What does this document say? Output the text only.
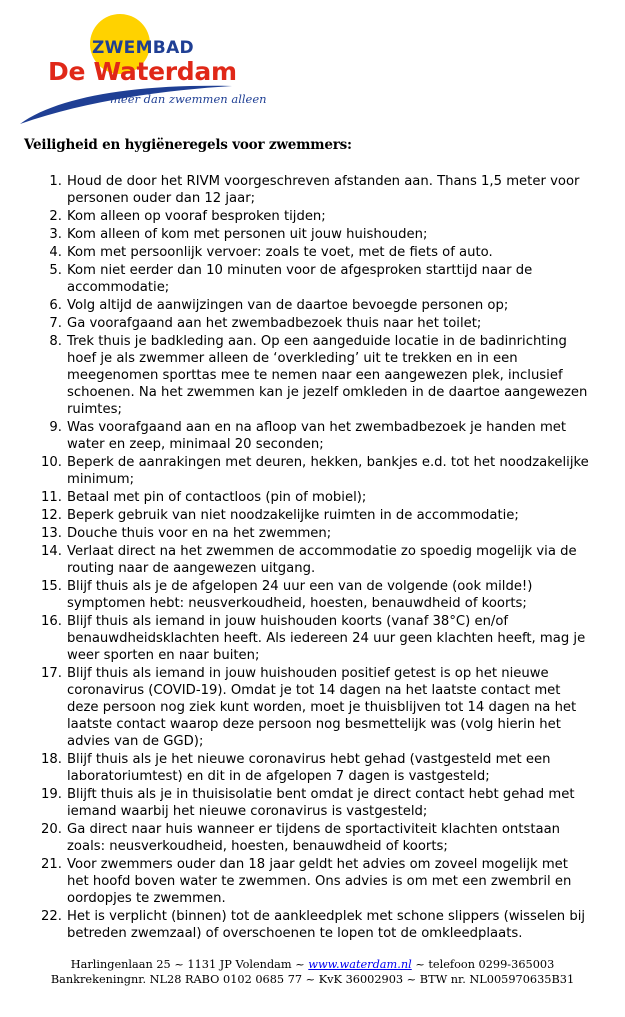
ZWEMBAD
De Waterdam
meer dan zwemmen alleen
Veiligheid en hygiëneregels voor zwemmers:
1. Houd de door het RIVM voorgeschreven afstanden aan. Thans 1,5 meter voor personen ouder dan 12 jaar;
2. Kom alleen op vooraf besproken tijden;
3. Kom alleen of kom met personen uit jouw huishouden;
4. Kom met persoonlijk vervoer: zoals te voet, met de fiets of auto.
5. Kom niet eerder dan 10 minuten voor de afgesproken starttijd naar de accommodatie;
6. Volg altijd de aanwijzingen van de daartoe bevoegde personen op;
7. Ga voorafgaand aan het zwembadbezoek thuis naar het toilet;
8. Trek thuis je badkleding aan. Op een aangeduide locatie in de badinrichting hoef je als zwemmer alleen de ‘overkleding’ uit te trekken en in een meegenomen sporttas mee te nemen naar een aangewezen plek, inclusief schoenen. Na het zwemmen kan je jezelf omkleden in de daartoe aangewezen ruimtes;
9. Was voorafgaand aan en na afloop van het zwembadbezoek je handen met water en zeep, minimaal 20 seconden;
10. Beperk de aanrakingen met deuren, hekken, bankjes e.d. tot het noodzakelijke minimum;
11. Betaal met pin of contactloos (pin of mobiel);
12. Beperk gebruik van niet noodzakelijke ruimten in de accommodatie;
13. Douche thuis voor en na het zwemmen;
14. Verlaat direct na het zwemmen de accommodatie zo spoedig mogelijk via de routing naar de aangewezen uitgang.
15. Blijf thuis als je de afgelopen 24 uur een van de volgende (ook milde!) symptomen hebt: neusverkoudheid, hoesten, benauwdheid of koorts;
16. Blijf thuis als iemand in jouw huishouden koorts (vanaf 38°C) en/of benauwdheidsklachten heeft. Als iedereen 24 uur geen klachten heeft, mag je weer sporten en naar buiten;
17. Blijf thuis als iemand in jouw huishouden positief getest is op het nieuwe coronavirus (COVID-19). Omdat je tot 14 dagen na het laatste contact met deze persoon nog ziek kunt worden, moet je thuisblijven tot 14 dagen na het laatste contact waarop deze persoon nog besmettelijk was (volg hierin het advies van de GGD);
18. Blijf thuis als je het nieuwe coronavirus hebt gehad (vastgesteld met een laboratoriumtest) en dit in de afgelopen 7 dagen is vastgesteld;
19. Blijft thuis als je in thuisisolatie bent omdat je direct contact hebt gehad met iemand waarbij het nieuwe coronavirus is vastgesteld;
20. Ga direct naar huis wanneer er tijdens de sportactiviteit klachten ontstaan zoals: neusverkoudheid, hoesten, benauwdheid of koorts;
21. Voor zwemmers ouder dan 18 jaar geldt het advies om zoveel mogelijk met het hoofd boven water te zwemmen. Ons advies is om met een zwembril en oordopjes te zwemmen.
22. Het is verplicht (binnen) tot de aankleedplek met schone slippers (wisselen bij betreden zwemzaal) of overschoenen te lopen tot de omkleedplaats.
Harlingenlaan 25 ~ 1131 JP Volendam ~ www.waterdam.nl ~ telefoon 0299-365003
Bankrekeningnr. NL28 RABO 0102 0685 77 ~ KvK 36002903 ~ BTW nr. NL005970635B31
